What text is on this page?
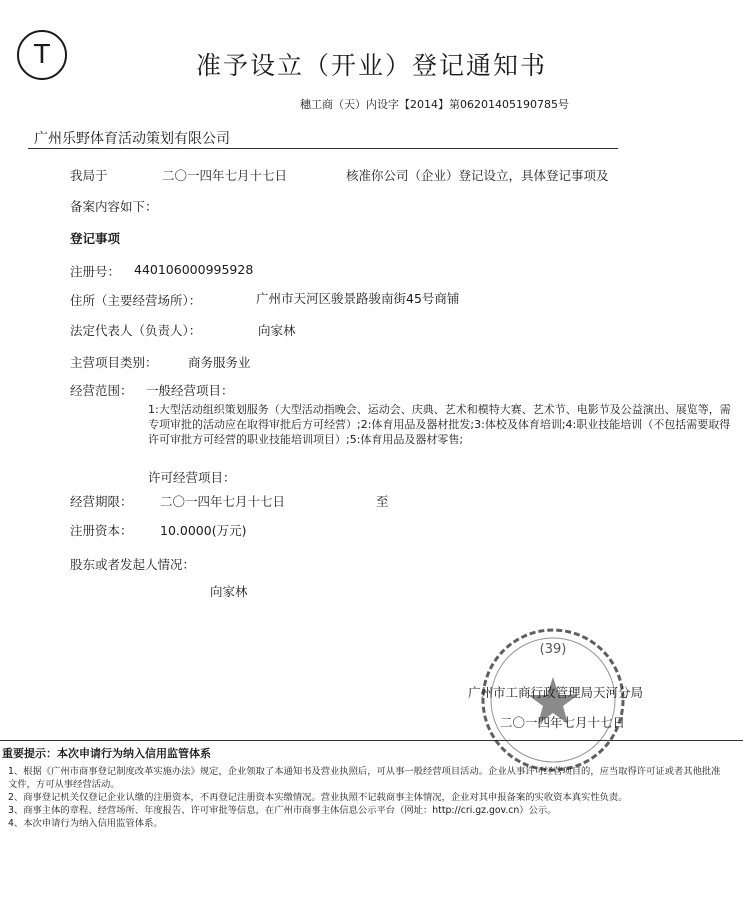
T	准予设立（开业）登记通知书
穗工商（天）内设字【2014】第06201405190785号
广州乐野体育活动策划有限公司
我局于	二〇一四年七月十七日	核准你公司（企业）登记设立，具体登记事项及
备案内容如下：
登记事项
注册号： 440106000995928
住所（主要经营场所）：	广州市天河区骏景路骏南街45号商铺
法定代表人（负责人）：	向家林
主营项目类别： 商务服务业
经营范围： 一般经营项目：
1:大型活动组织策划服务（大型活动指晚会、运动会、庆典、艺术和模特大赛、艺术节、电影节及公益演出、展览等，需专项审批的活动应在取得审批后方可经营）;2:体育用品及器材批发;3:体校及体育培训;4:职业技能培训（不包括需要取得许可审批方可经营的职业技能培训项目）;5:体育用品及器材零售;
许可经营项目：
经营期限： 二〇一四年七月十七日	至
注册资本： 10.0000(万元)
股东或者发起人情况：
向家林
(39)
广州市工商行政管理局天河分局
二〇一四年七月十七日
重要提示：本次申请行为纳入信用监管体系
1、根据《广州市商事登记制度改革实施办法》规定，企业领取了本通知书及营业执照后，可从事一般经营项目活动。企业从事许可经营项目的，应当取得许可证或者其他批准文件，方可从事经营活动。
2、商事登记机关仅登记企业认缴的注册资本，不再登记注册资本实缴情况。营业执照不记载商事主体情况，企业对其申报备案的实收资本真实性负责。
3、商事主体的章程、经营场所、年度报告、许可审批等信息，在广州市商事主体信息公示平台（网址：http://cri.gz.gov.cn）公示。
4、本次申请行为纳入信用监管体系。
